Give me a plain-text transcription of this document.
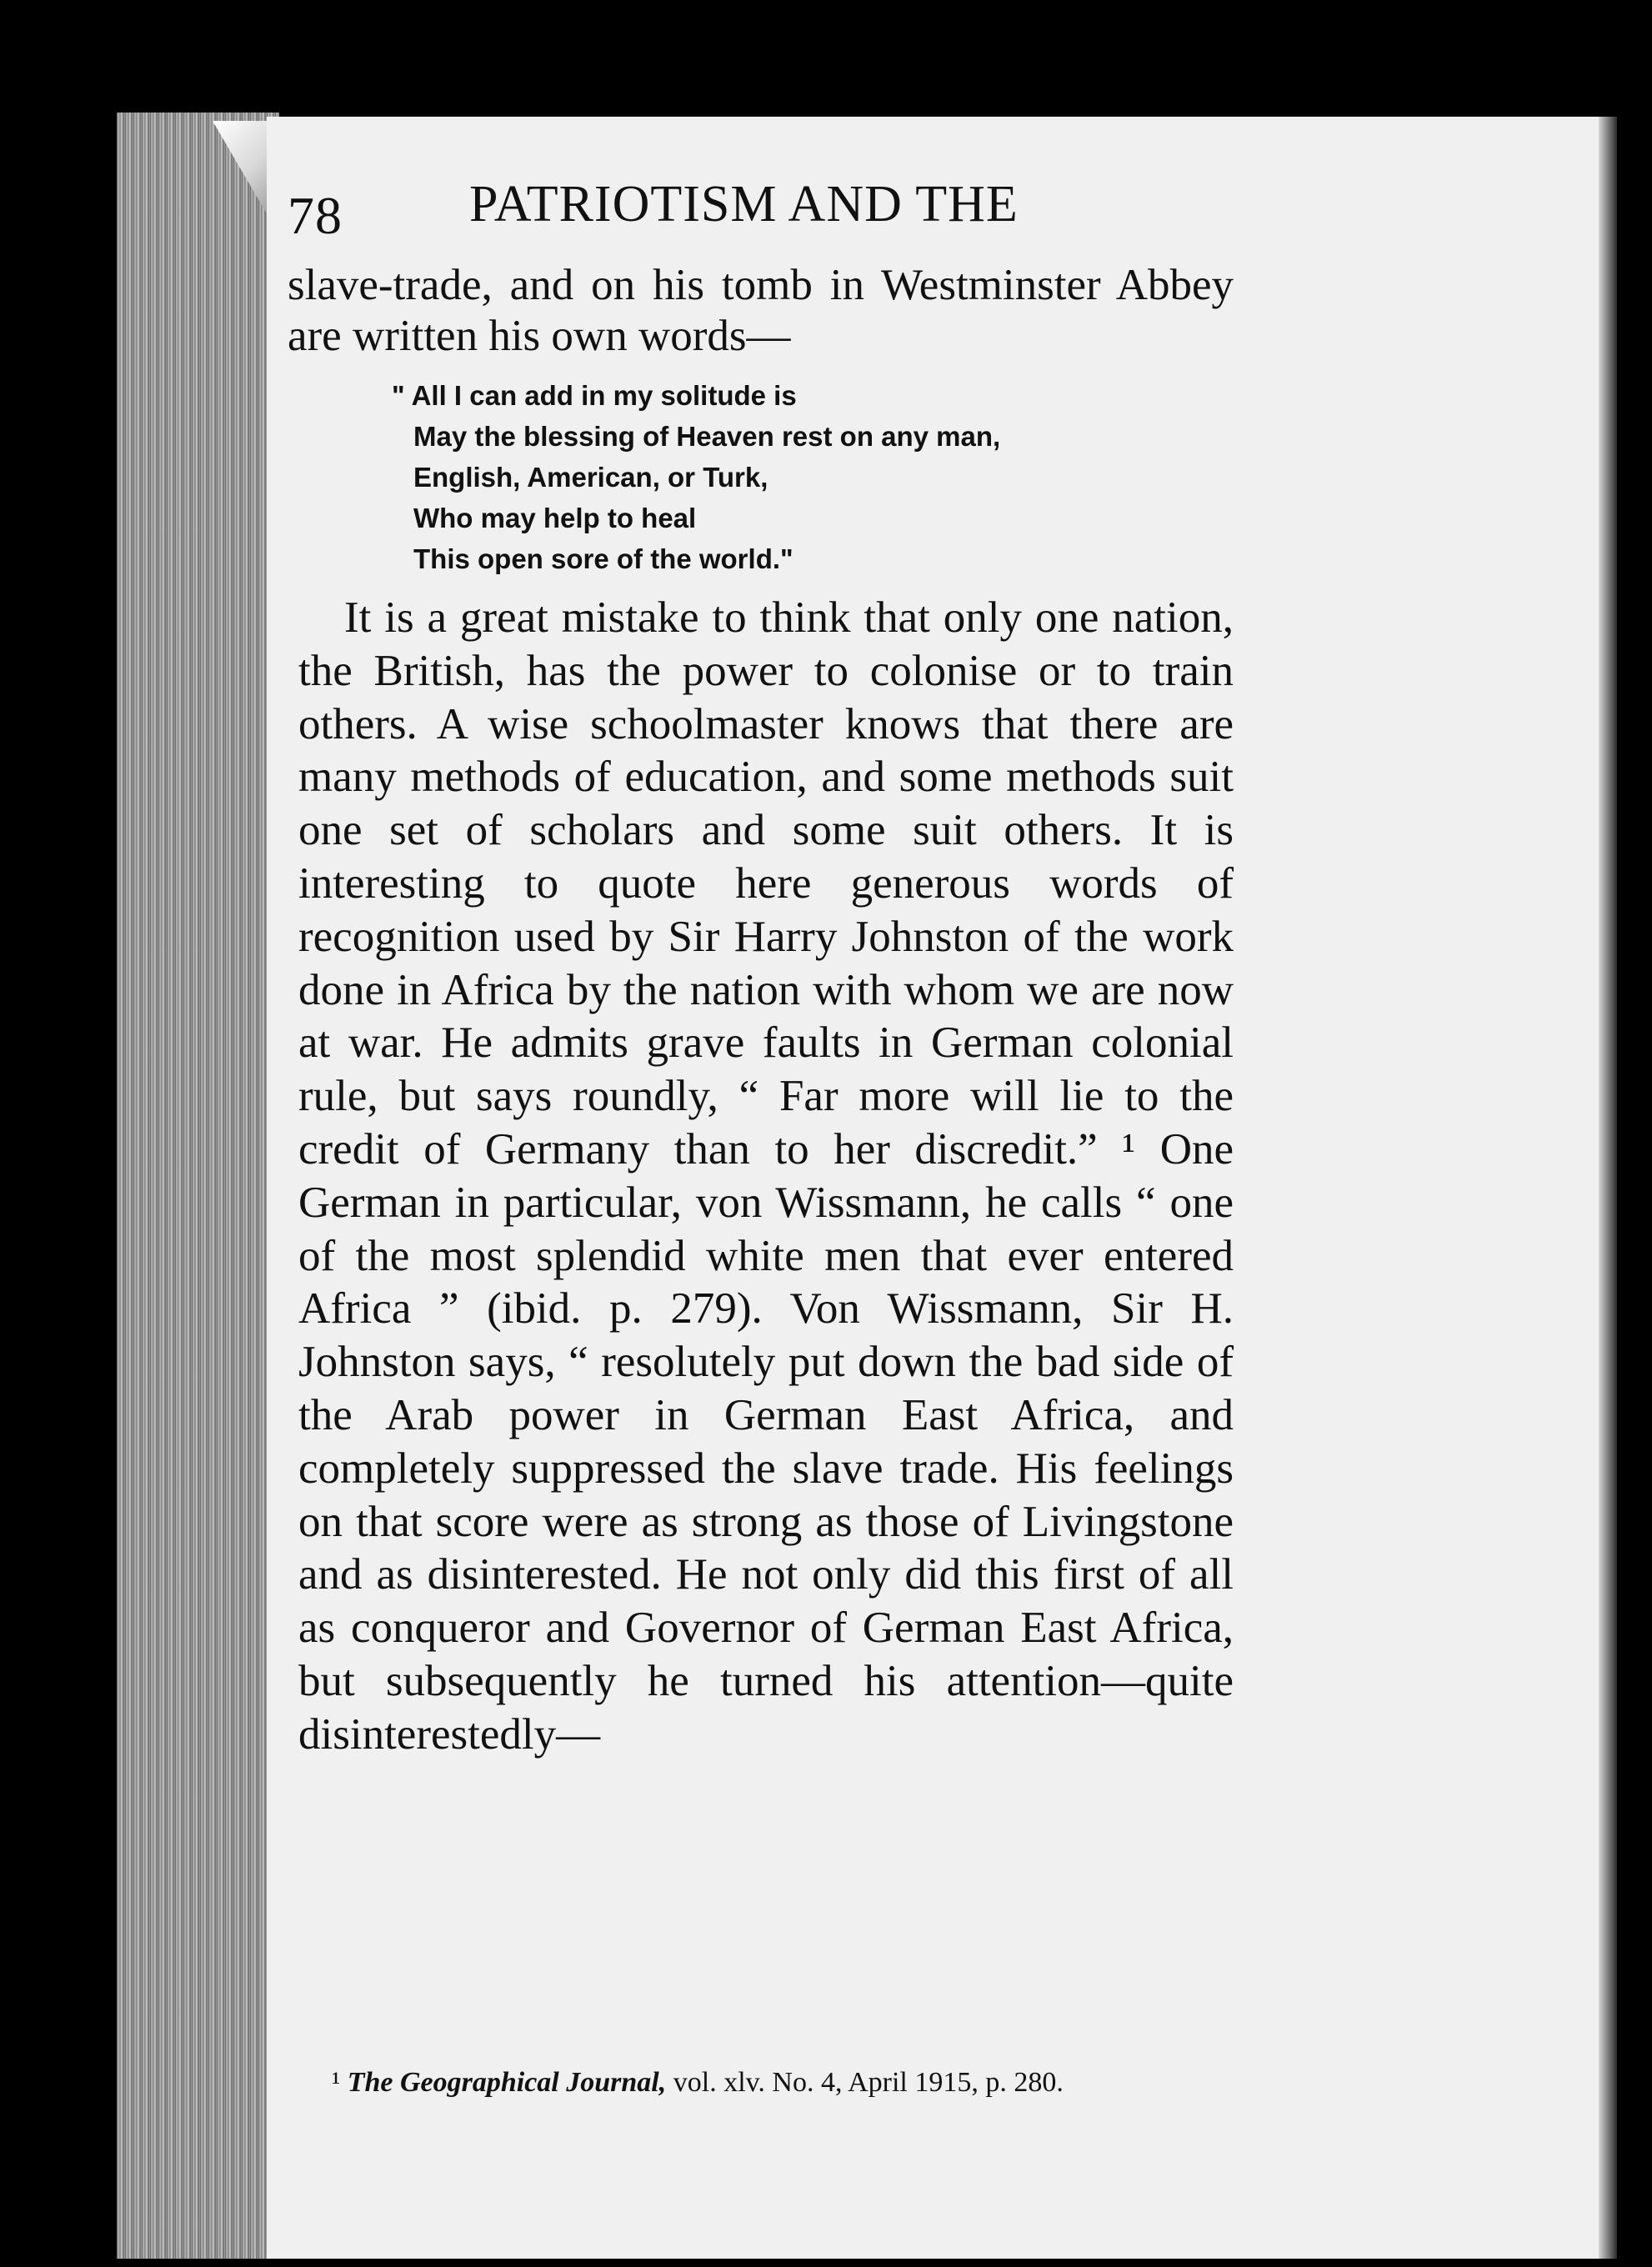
78 PATRIOTISM AND THE
slave-trade, and on his tomb in Westminster Abbey are written his own words—
" All I can add in my solitude is
May the blessing of Heaven rest on any man,
English, American, or Turk,
Who may help to heal
This open sore of the world."
It is a great mistake to think that only one nation, the British, has the power to colonise or to train others. A wise schoolmaster knows that there are many methods of education, and some methods suit one set of scholars and some suit others. It is interesting to quote here generous words of recognition used by Sir Harry Johnston of the work done in Africa by the nation with whom we are now at war. He admits grave faults in German colonial rule, but says roundly, “ Far more will lie to the credit of Germany than to her discredit.” ¹ One German in particular, von Wissmann, he calls “ one of the most splendid white men that ever entered Africa ” (ibid. p. 279). Von Wissmann, Sir H. Johnston says, “ resolutely put down the bad side of the Arab power in German East Africa, and completely suppressed the slave trade. His feelings on that score were as strong as those of Livingstone and as disinterested. He not only did this first of all as conqueror and Governor of German East Africa, but subsequently he turned his attention—quite disinterestedly—
¹ The Geographical Journal, vol. xlv. No. 4, April 1915, p. 280.
